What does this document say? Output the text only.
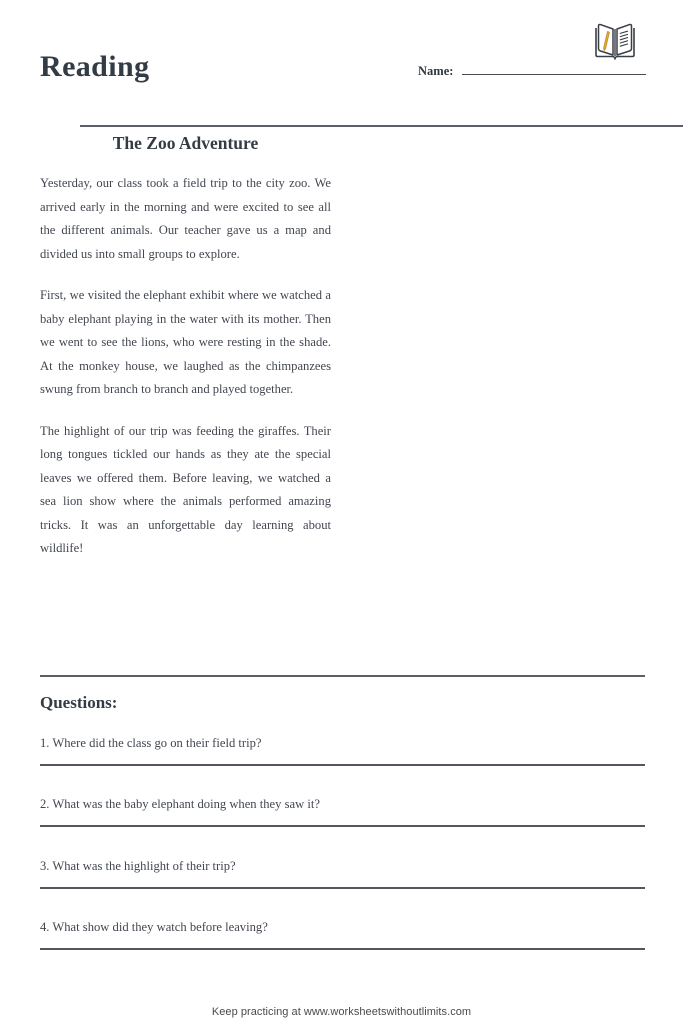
Reading	Name:
The Zoo Adventure

Yesterday, our class took a field trip to the city zoo. We arrived early in the morning and were excited to see all the different animals. Our teacher gave us a map and divided us into small groups to explore.

First, we visited the elephant exhibit where we watched a baby elephant playing in the water with its mother. Then we went to see the lions, who were resting in the shade. At the monkey house, we laughed as the chimpanzees swung from branch to branch and played together.

The highlight of our trip was feeding the giraffes. Their long tongues tickled our hands as they ate the special leaves we offered them. Before leaving, we watched a sea lion show where the animals performed amazing tricks. It was an unforgettable day learning about wildlife!

Questions:
1. Where did the class go on their field trip?
2. What was the baby elephant doing when they saw it?
3. What was the highlight of their trip?
4. What show did they watch before leaving?
Keep practicing at www.worksheetswithoutlimits.com
